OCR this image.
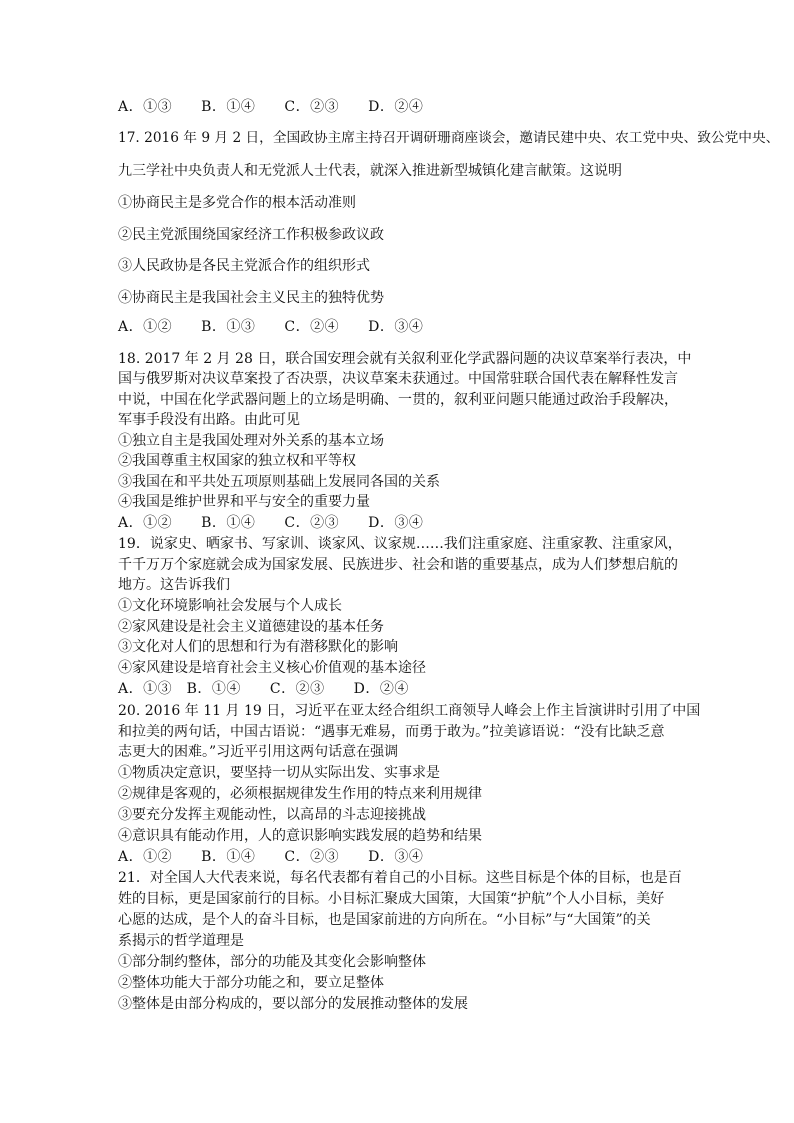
A．①③　　B．①④　　C．②③　　D．②④
17. 2016 年 9 月 2 日，全国政协主席主持召开调研珊商座谈会，邀请民建中央、农工党中央、致公党中央、
九三学社中央负责人和无党派人士代表，就深入推进新型城镇化建言献策。这说明
①协商民主是多党合作的根本活动准则
②民主党派围绕国家经济工作积极参政议政
③人民政协是各民主党派合作的组织形式
④协商民主是我国社会主义民主的独特优势
A．①②　　B．①③　　C．②④　　D．③④
18. 2017 年 2 月 28 日，联合国安理会就有关叙利亚化学武器问题的决议草案举行表决，中
国与俄罗斯对决议草案投了否决票，决议草案未获通过。中国常驻联合国代表在解释性发言
中说，中国在化学武器问题上的立场是明确、一贯的，叙利亚问题只能通过政治手段解决，
军事手段没有出路。由此可见
①独立自主是我国处理对外关系的基本立场
②我国尊重主权国家的独立权和平等权
③我国在和平共处五项原则基础上发展同各国的关系
④我国是维护世界和平与安全的重要力量
A．①②　　B．①④　　C．②③　　D．③④
19．说家史、晒家书、写家训、谈家风、议家规……我们注重家庭、注重家教、注重家风，
千千万万个家庭就会成为国家发展、民族进步、社会和谐的重要基点，成为人们梦想启航的
地方。这告诉我们
①文化环境影响社会发展与个人成长
②家风建设是社会主义道德建设的基本任务
③文化对人们的思想和行为有潜移默化的影响
④家风建设是培育社会主义核心价值观的基本途径
A．①③　B．①④　　C．②③　　D．②④
20. 2016 年 11 月 19 日，习近平在亚太经合组织工商领导人峰会上作主旨演讲时引用了中国
和拉美的两句话，中国古语说：“遇事无难易，而勇于敢为。”拉美谚语说：“没有比缺乏意
志更大的困难。”习近平引用这两句话意在强调
①物质决定意识，要坚持一切从实际出发、实事求是
②规律是客观的，必须根据规律发生作用的特点来利用规律
③要充分发挥主观能动性，以高昂的斗志迎接挑战
④意识具有能动作用，人的意识影响实践发展的趋势和结果
A．①②　　B．①④　　C．②③　　D．③④
21．对全国人大代表来说，每名代表都有着自己的小目标。这些目标是个体的目标，也是百
姓的目标，更是国家前行的目标。小目标汇聚成大国策，大国策“护航”个人小目标，美好
心愿的达成，是个人的奋斗目标，也是国家前进的方向所在。“小目标”与“大国策”的关
系揭示的哲学道理是
①部分制约整体，部分的功能及其变化会影响整体
②整体功能大于部分功能之和，要立足整体
③整体是由部分构成的，要以部分的发展推动整体的发展
